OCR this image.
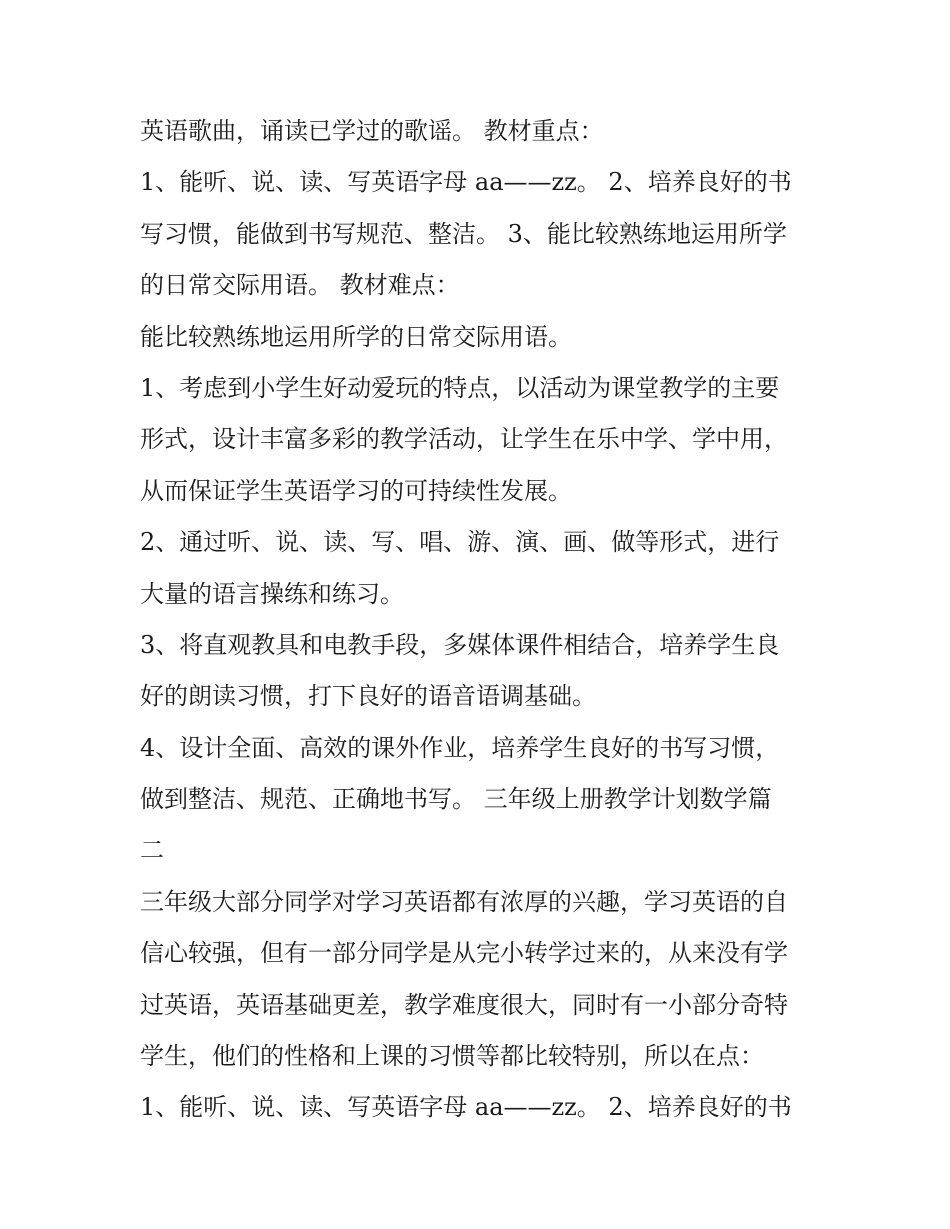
英语歌曲，诵读已学过的歌谣。 教材重点：
1、能听、说、读、写英语字母 aa——zz。 2、培养良好的书
写习惯，能做到书写规范、整洁。 3、能比较熟练地运用所学
的日常交际用语。 教材难点：
能比较熟练地运用所学的日常交际用语。
1、考虑到小学生好动爱玩的特点，以活动为课堂教学的主要
形式，设计丰富多彩的教学活动，让学生在乐中学、学中用，
从而保证学生英语学习的可持续性发展。
2、通过听、说、读、写、唱、游、演、画、做等形式，进行
大量的语言操练和练习。
3、将直观教具和电教手段，多媒体课件相结合，培养学生良
好的朗读习惯，打下良好的语音语调基础。
4、设计全面、高效的课外作业，培养学生良好的书写习惯，
做到整洁、规范、正确地书写。 三年级上册教学计划数学篇
二
三年级大部分同学对学习英语都有浓厚的兴趣，学习英语的自
信心较强，但有一部分同学是从完小转学过来的，从来没有学
过英语，英语基础更差，教学难度很大，同时有一小部分奇特
学生，他们的性格和上课的习惯等都比较特别，所以在点：
1、能听、说、读、写英语字母 aa——zz。 2、培养良好的书
